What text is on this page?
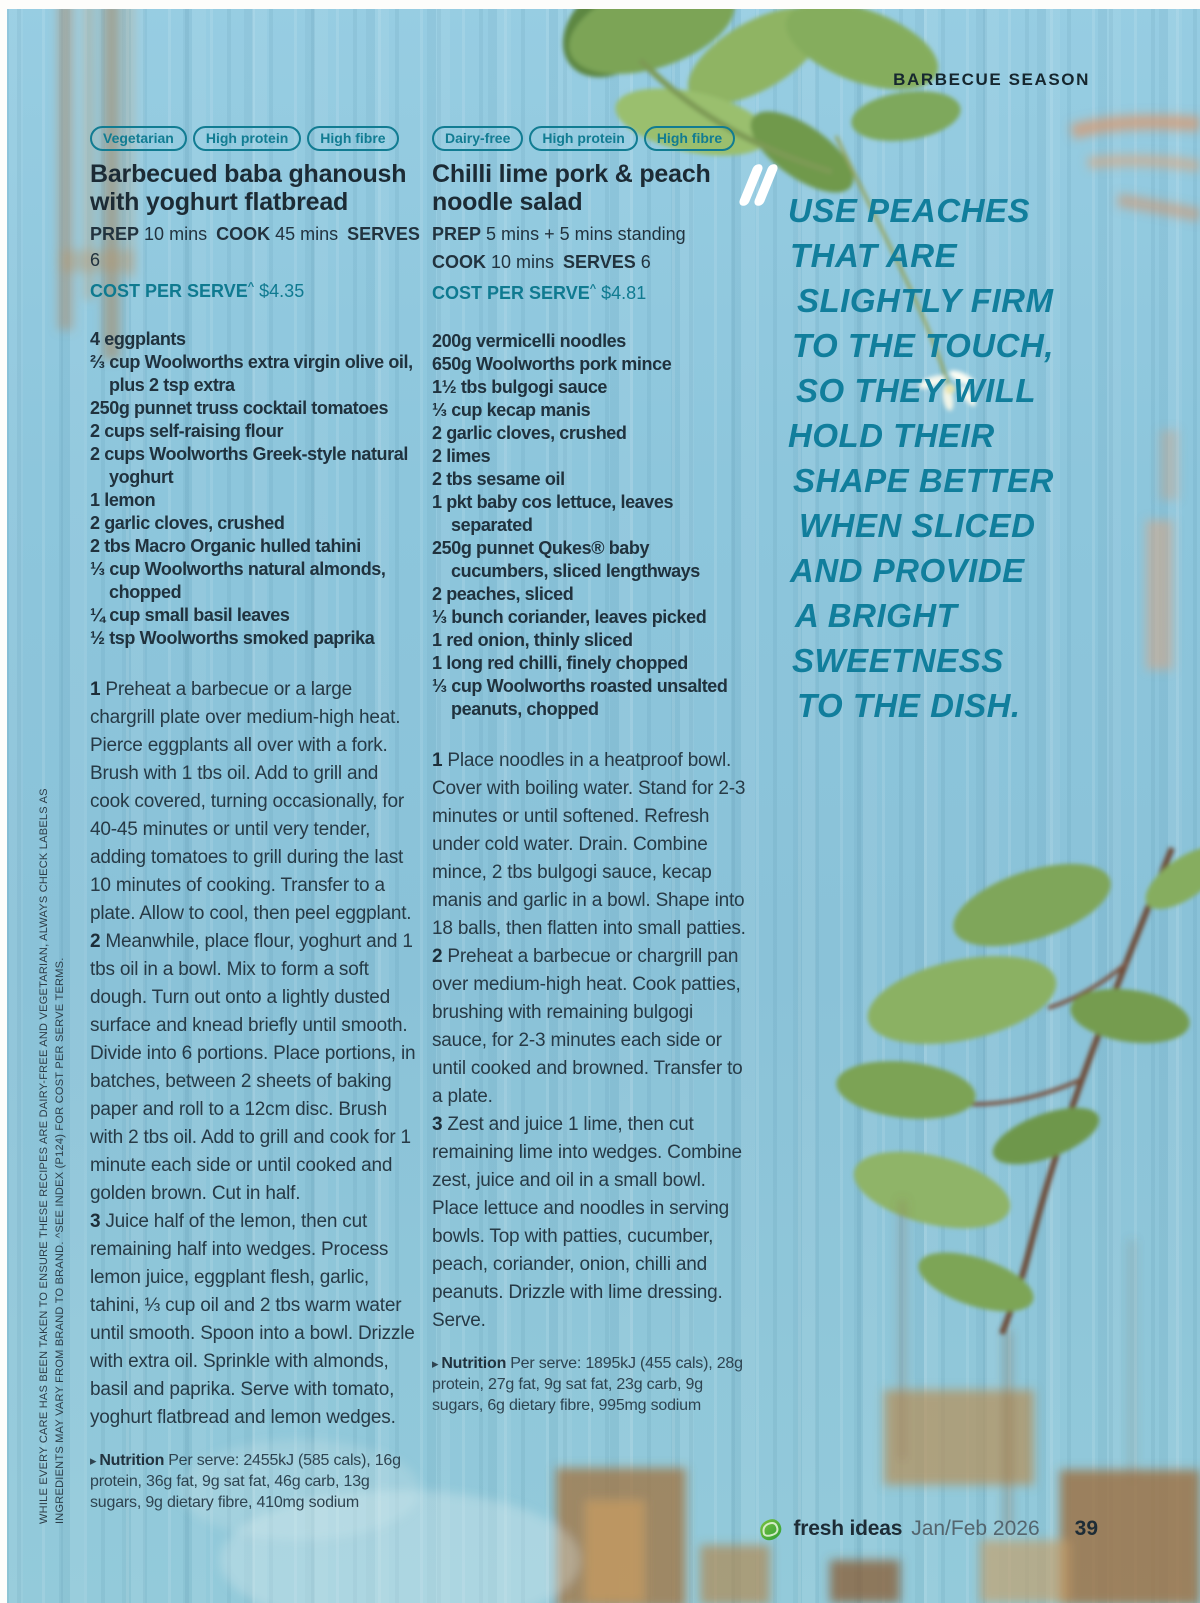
BARBECUE SEASON
WHILE EVERY CARE HAS BEEN TAKEN TO ENSURE THESE RECIPES ARE DAIRY-FREE AND VEGETARIAN, ALWAYS CHECK LABELS AS INGREDIENTS MAY VARY FROM BRAND TO BRAND. ^SEE INDEX (P124) FOR COST PER SERVE TERMS.
Vegetarian	High protein	High fibre
Barbecued baba ghanoush with yoghurt flatbread

PREP 10 mins COOK 45 mins SERVES 6

COST PER SERVE^ $4.35

4 eggplants
⅔ cup Woolworths extra virgin olive oil, plus 2 tsp extra
250g punnet truss cocktail tomatoes
2 cups self-raising flour
2 cups Woolworths Greek-style natural yoghurt
1 lemon
2 garlic cloves, crushed
2 tbs Macro Organic hulled tahini
⅓ cup Woolworths natural almonds, chopped
¼ cup small basil leaves
½ tsp Woolworths smoked paprika

1 Preheat a barbecue or a large chargrill plate over medium-high heat. Pierce eggplants all over with a fork. Brush with 1 tbs oil. Add to grill and cook covered, turning occasionally, for 40-45 minutes or until very tender, adding tomatoes to grill during the last 10 minutes of cooking. Transfer to a plate. Allow to cool, then peel eggplant.

2 Meanwhile, place flour, yoghurt and 1 tbs oil in a bowl. Mix to form a soft dough. Turn out onto a lightly dusted surface and knead briefly until smooth. Divide into 6 portions. Place portions, in batches, between 2 sheets of baking paper and roll to a 12cm disc. Brush with 2 tbs oil. Add to grill and cook for 1 minute each side or until cooked and golden brown. Cut in half.

3 Juice half of the lemon, then cut remaining half into wedges. Process lemon juice, eggplant flesh, garlic, tahini, ⅓ cup oil and 2 tbs warm water until smooth. Spoon into a bowl. Drizzle with extra oil. Sprinkle with almonds, basil and paprika. Serve with tomato, yoghurt flatbread and lemon wedges.

▸ Nutrition Per serve: 2455kJ (585 cals), 16g protein, 36g fat, 9g sat fat, 46g carb, 13g sugars, 9g dietary fibre, 410mg sodium

Dairy-free	High protein	High fibre
Chilli lime pork & peach noodle salad

PREP 5 mins + 5 mins standing

COOK 10 mins SERVES 6

COST PER SERVE^ $4.81

200g vermicelli noodles
650g Woolworths pork mince
1½ tbs bulgogi sauce
⅓ cup kecap manis
2 garlic cloves, crushed
2 limes
2 tbs sesame oil
1 pkt baby cos lettuce, leaves separated
250g punnet Qukes® baby cucumbers, sliced lengthways
2 peaches, sliced
⅓ bunch coriander, leaves picked
1 red onion, thinly sliced
1 long red chilli, finely chopped
⅓ cup Woolworths roasted unsalted peanuts, chopped

1 Place noodles in a heatproof bowl. Cover with boiling water. Stand for 2-3 minutes or until softened. Refresh under cold water. Drain. Combine mince, 2 tbs bulgogi sauce, kecap manis and garlic in a bowl. Shape into 18 balls, then flatten into small patties.

2 Preheat a barbecue or chargrill pan over medium-high heat. Cook patties, brushing with remaining bulgogi sauce, for 2-3 minutes each side or until cooked and browned. Transfer to a plate.

3 Zest and juice 1 lime, then cut remaining lime into wedges. Combine zest, juice and oil in a small bowl. Place lettuce and noodles in serving bowls. Top with patties, cucumber, peach, coriander, onion, chilli and peanuts. Drizzle with lime dressing. Serve.

▸ Nutrition Per serve: 1895kJ (455 cals), 28g protein, 27g fat, 9g sat fat, 23g carb, 9g sugars, 6g dietary fibre, 995mg sodium

USE PEACHES
THAT ARE
SLIGHTLY FIRM
TO THE TOUCH,
SO THEY WILL
HOLD THEIR
SHAPE BETTER
WHEN SLICED
AND PROVIDE
A BRIGHT
SWEETNESS
TO THE DISH.
fresh ideas Jan/Feb 2026 39
